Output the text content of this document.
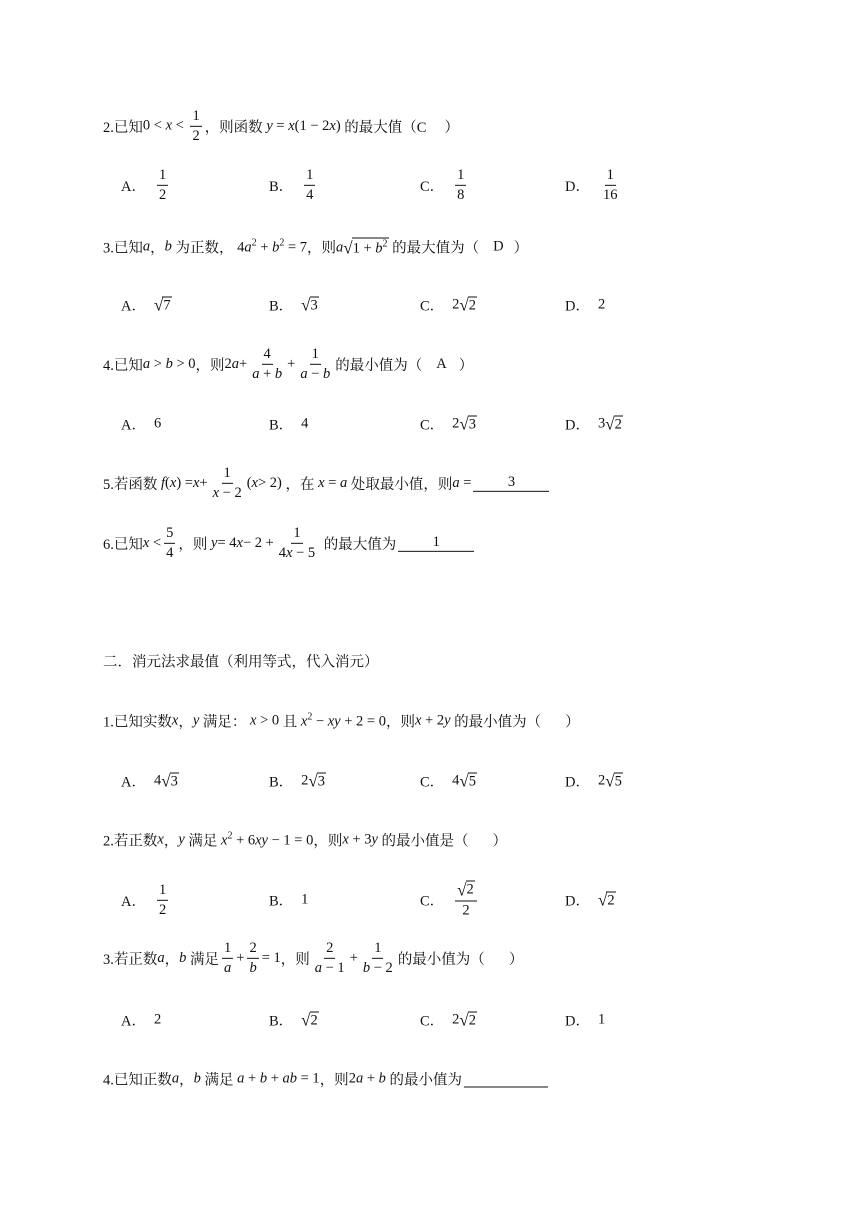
2.已知 $0 < x < \frac{1}{2}$ ，则函数 y = x(1 − 2x) 的最大值（C ）
A． $\frac{1}{2}$	B． $\frac{1}{4}$	C． $\frac{1}{8}$	D． $\frac{1}{16}$
3.已知 a ， b
为正数， $4a^2 + b^2 = 7$ ，则 a √ $1 + b^2$
的最大值为（ D ）
A． √ 7	B． √ 3	C． 2 √ 2	D． 2
4.已知 a > b > 0 ，则 2 $a + \frac{4}{a + b} + \frac{1}{a - b}$ 的最小值为（ A ）
A． 6	B． 4	C． 2 √ 3	D． 3 √ 2
5.若函数
f ( x ) = $x + \frac{1}{x - 2}$ ( x > 2) ，在 x = a 处取最小值，则 a =	3
6.已知 $x < \frac{5}{4}$ ，则
y = 4 $x - 2 + \frac{1}{4x - 5}$
的最大值为	1
二．消元法求最值（利用等式，代入消元）
1.已知实数 x ， y
满足： x > 0 且 $x^2$ − xy + 2 = 0 ，则 x + 2y 的最小值为（ ）
A． 4 √ 3	B． 2 √ 3	C． 4 √ 5	D． 2 √ 5
2.若正数 x ， y
满足 $x^2 + 6xy - 1 = 0$ ，则 x + 3y 的最小值是（ ）
A． $\frac{1}{2}$	B． 1	C． $\frac{√ 2}{2}$	D． √ 2
3.若正数 a ， b
满足 $\frac{1}{a} + \frac{2}{b} = 1$ ，则 $\frac{2}{a - 1} + \frac{1}{b - 2}$ 的最小值为（ ）
A． 2	B． √ 2	C． 2 √ 2	D． 1
4.已知正数 a ， b
满足 a + b + ab = 1 ，则 2a + b 的最小值为
